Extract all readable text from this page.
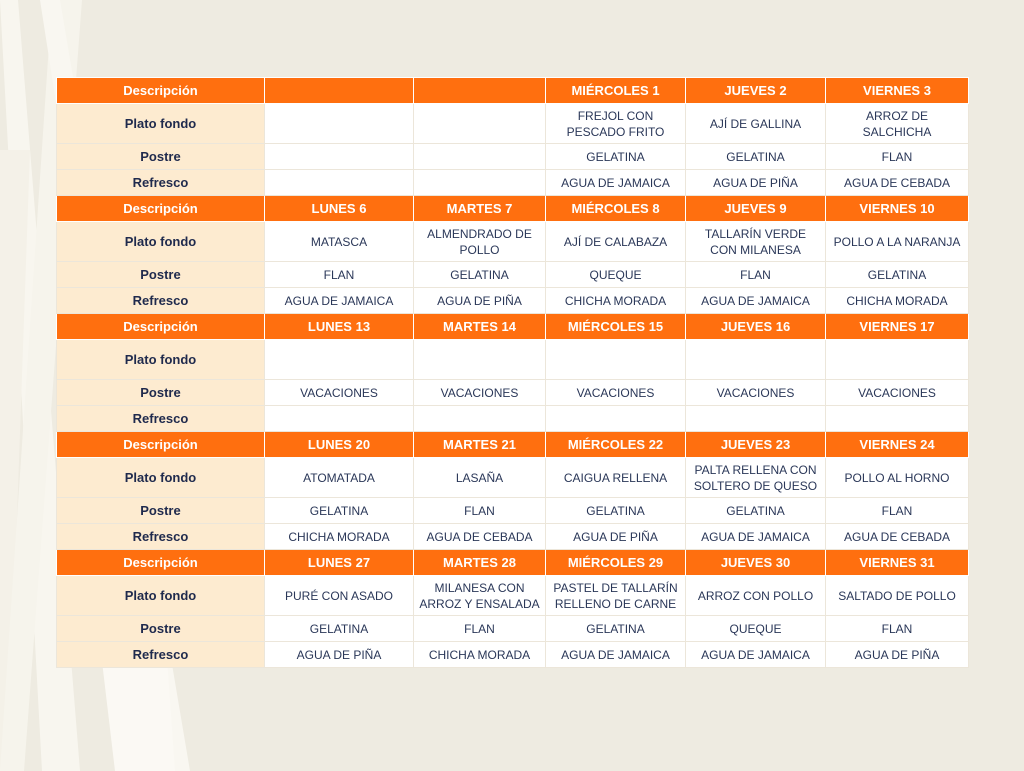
Descripción			MIÉRCOLES 1	JUEVES 2	VIERNES 3
Plato fondo			FREJOL CON PESCADO FRITO	AJÍ DE GALLINA	ARROZ DE SALCHICHA
Postre			GELATINA	GELATINA	FLAN
Refresco			AGUA DE JAMAICA	AGUA DE PIÑA	AGUA DE CEBADA
Descripción	LUNES 6	MARTES 7	MIÉRCOLES 8	JUEVES 9	VIERNES 10
Plato fondo	MATASCA	ALMENDRADO DE POLLO	AJÍ DE CALABAZA	TALLARÍN VERDE CON MILANESA	POLLO A LA NARANJA
Postre	FLAN	GELATINA	QUEQUE	FLAN	GELATINA
Refresco	AGUA DE JAMAICA	AGUA DE PIÑA	CHICHA MORADA	AGUA DE JAMAICA	CHICHA MORADA
Descripción	LUNES 13	MARTES 14	MIÉRCOLES 15	JUEVES 16	VIERNES 17
Plato fondo					
Postre	VACACIONES	VACACIONES	VACACIONES	VACACIONES	VACACIONES
Refresco					
Descripción	LUNES 20	MARTES 21	MIÉRCOLES 22	JUEVES 23	VIERNES 24
Plato fondo	ATOMATADA	LASAÑA	CAIGUA RELLENA	PALTA RELLENA CON SOLTERO DE QUESO	POLLO AL HORNO
Postre	GELATINA	FLAN	GELATINA	GELATINA	FLAN
Refresco	CHICHA MORADA	AGUA DE CEBADA	AGUA DE PIÑA	AGUA DE JAMAICA	AGUA DE CEBADA
Descripción	LUNES 27	MARTES 28	MIÉRCOLES 29	JUEVES 30	VIERNES 31
Plato fondo	PURÉ CON ASADO	MILANESA CON ARROZ Y ENSALADA	PASTEL DE TALLARÍN RELLENO DE CARNE	ARROZ CON POLLO	SALTADO DE POLLO
Postre	GELATINA	FLAN	GELATINA	QUEQUE	FLAN
Refresco	AGUA DE PIÑA	CHICHA MORADA	AGUA DE JAMAICA	AGUA DE JAMAICA	AGUA DE PIÑA
